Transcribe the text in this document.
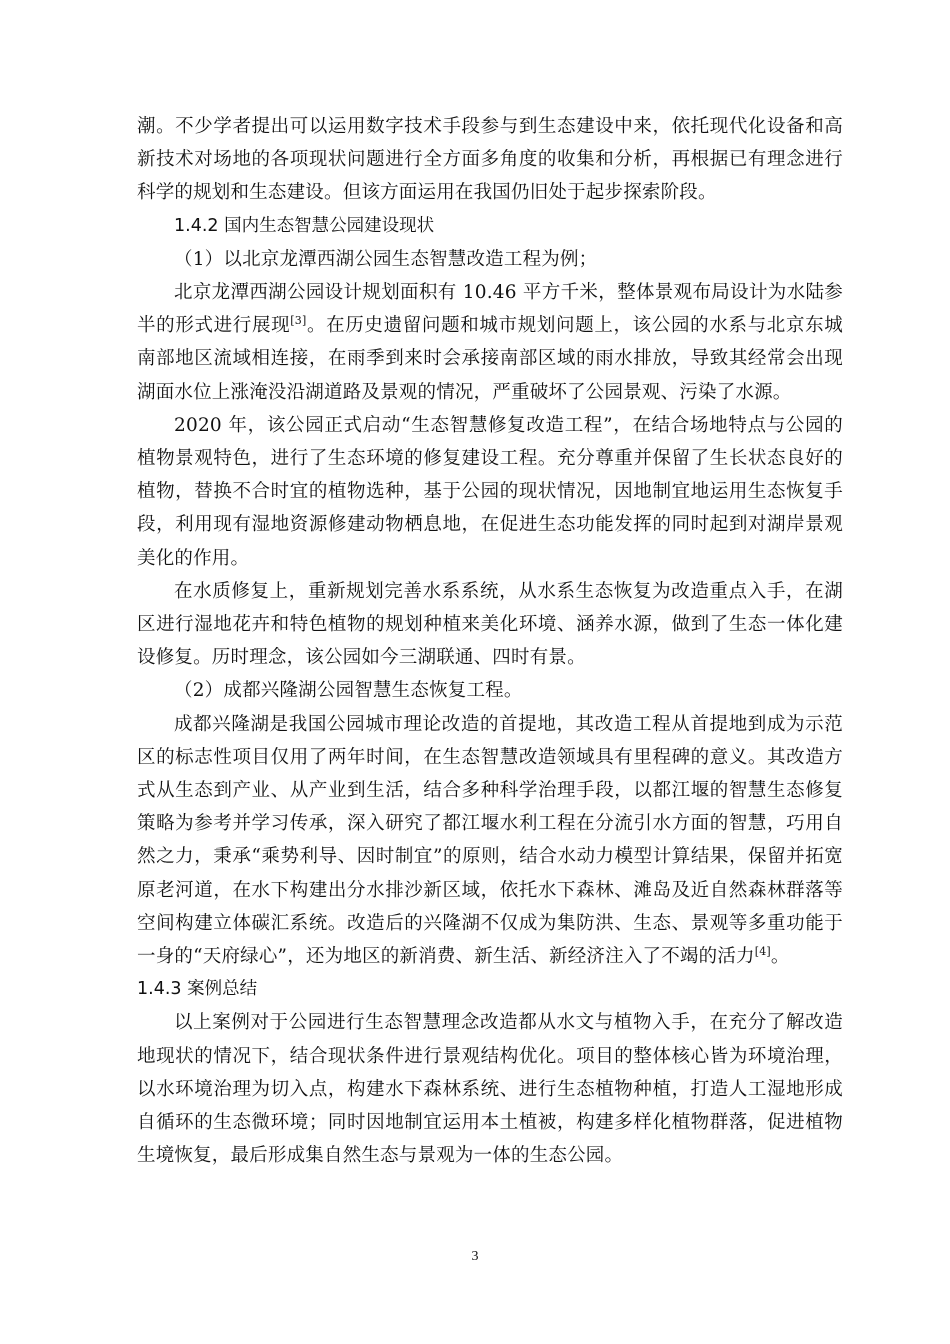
潮。不少学者提出可以运用数字技术手段参与到生态建设中来，依托现代化设备和高新技术对场地的各项现状问题进行全方面多角度的收集和分析，再根据已有理念进行科学的规划和生态建设。但该方面运用在我国仍旧处于起步探索阶段。

1.4.2 国内生态智慧公园建设现状

（1）以北京龙潭西湖公园生态智慧改造工程为例；

北京龙潭西湖公园设计规划面积有 10.46 平方千米，整体景观布局设计为水陆参半的形式进行展现[3]。在历史遗留问题和城市规划问题上，该公园的水系与北京东城南部地区流域相连接，在雨季到来时会承接南部区域的雨水排放，导致其经常会出现湖面水位上涨淹没沿湖道路及景观的情况，严重破坏了公园景观、污染了水源。

2020 年，该公园正式启动“生态智慧修复改造工程”，在结合场地特点与公园的植物景观特色，进行了生态环境的修复建设工程。充分尊重并保留了生长状态良好的植物，替换不合时宜的植物选种，基于公园的现状情况，因地制宜地运用生态恢复手段，利用现有湿地资源修建动物栖息地，在促进生态功能发挥的同时起到对湖岸景观美化的作用。

在水质修复上，重新规划完善水系系统，从水系生态恢复为改造重点入手，在湖区进行湿地花卉和特色植物的规划种植来美化环境、涵养水源，做到了生态一体化建设修复。历时理念，该公园如今三湖联通、四时有景。

（2）成都兴隆湖公园智慧生态恢复工程。

成都兴隆湖是我国公园城市理论改造的首提地，其改造工程从首提地到成为示范区的标志性项目仅用了两年时间，在生态智慧改造领域具有里程碑的意义。其改造方式从生态到产业、从产业到生活，结合多种科学治理手段，以都江堰的智慧生态修复策略为参考并学习传承，深入研究了都江堰水利工程在分流引水方面的智慧，巧用自然之力，秉承“乘势利导、因时制宜”的原则，结合水动力模型计算结果，保留并拓宽原老河道，在水下构建出分水排沙新区域，依托水下森林、滩岛及近自然森林群落等空间构建立体碳汇系统。改造后的兴隆湖不仅成为集防洪、生态、景观等多重功能于一身的“天府绿心”，还为地区的新消费、新生活、新经济注入了不竭的活力[4]。

1.4.3 案例总结

以上案例对于公园进行生态智慧理念改造都从水文与植物入手，在充分了解改造地现状的情况下，结合现状条件进行景观结构优化。项目的整体核心皆为环境治理，以水环境治理为切入点，构建水下森林系统、进行生态植物种植，打造人工湿地形成自循环的生态微环境；同时因地制宜运用本土植被，构建多样化植物群落，促进植物生境恢复，最后形成集自然生态与景观为一体的生态公园。

3
